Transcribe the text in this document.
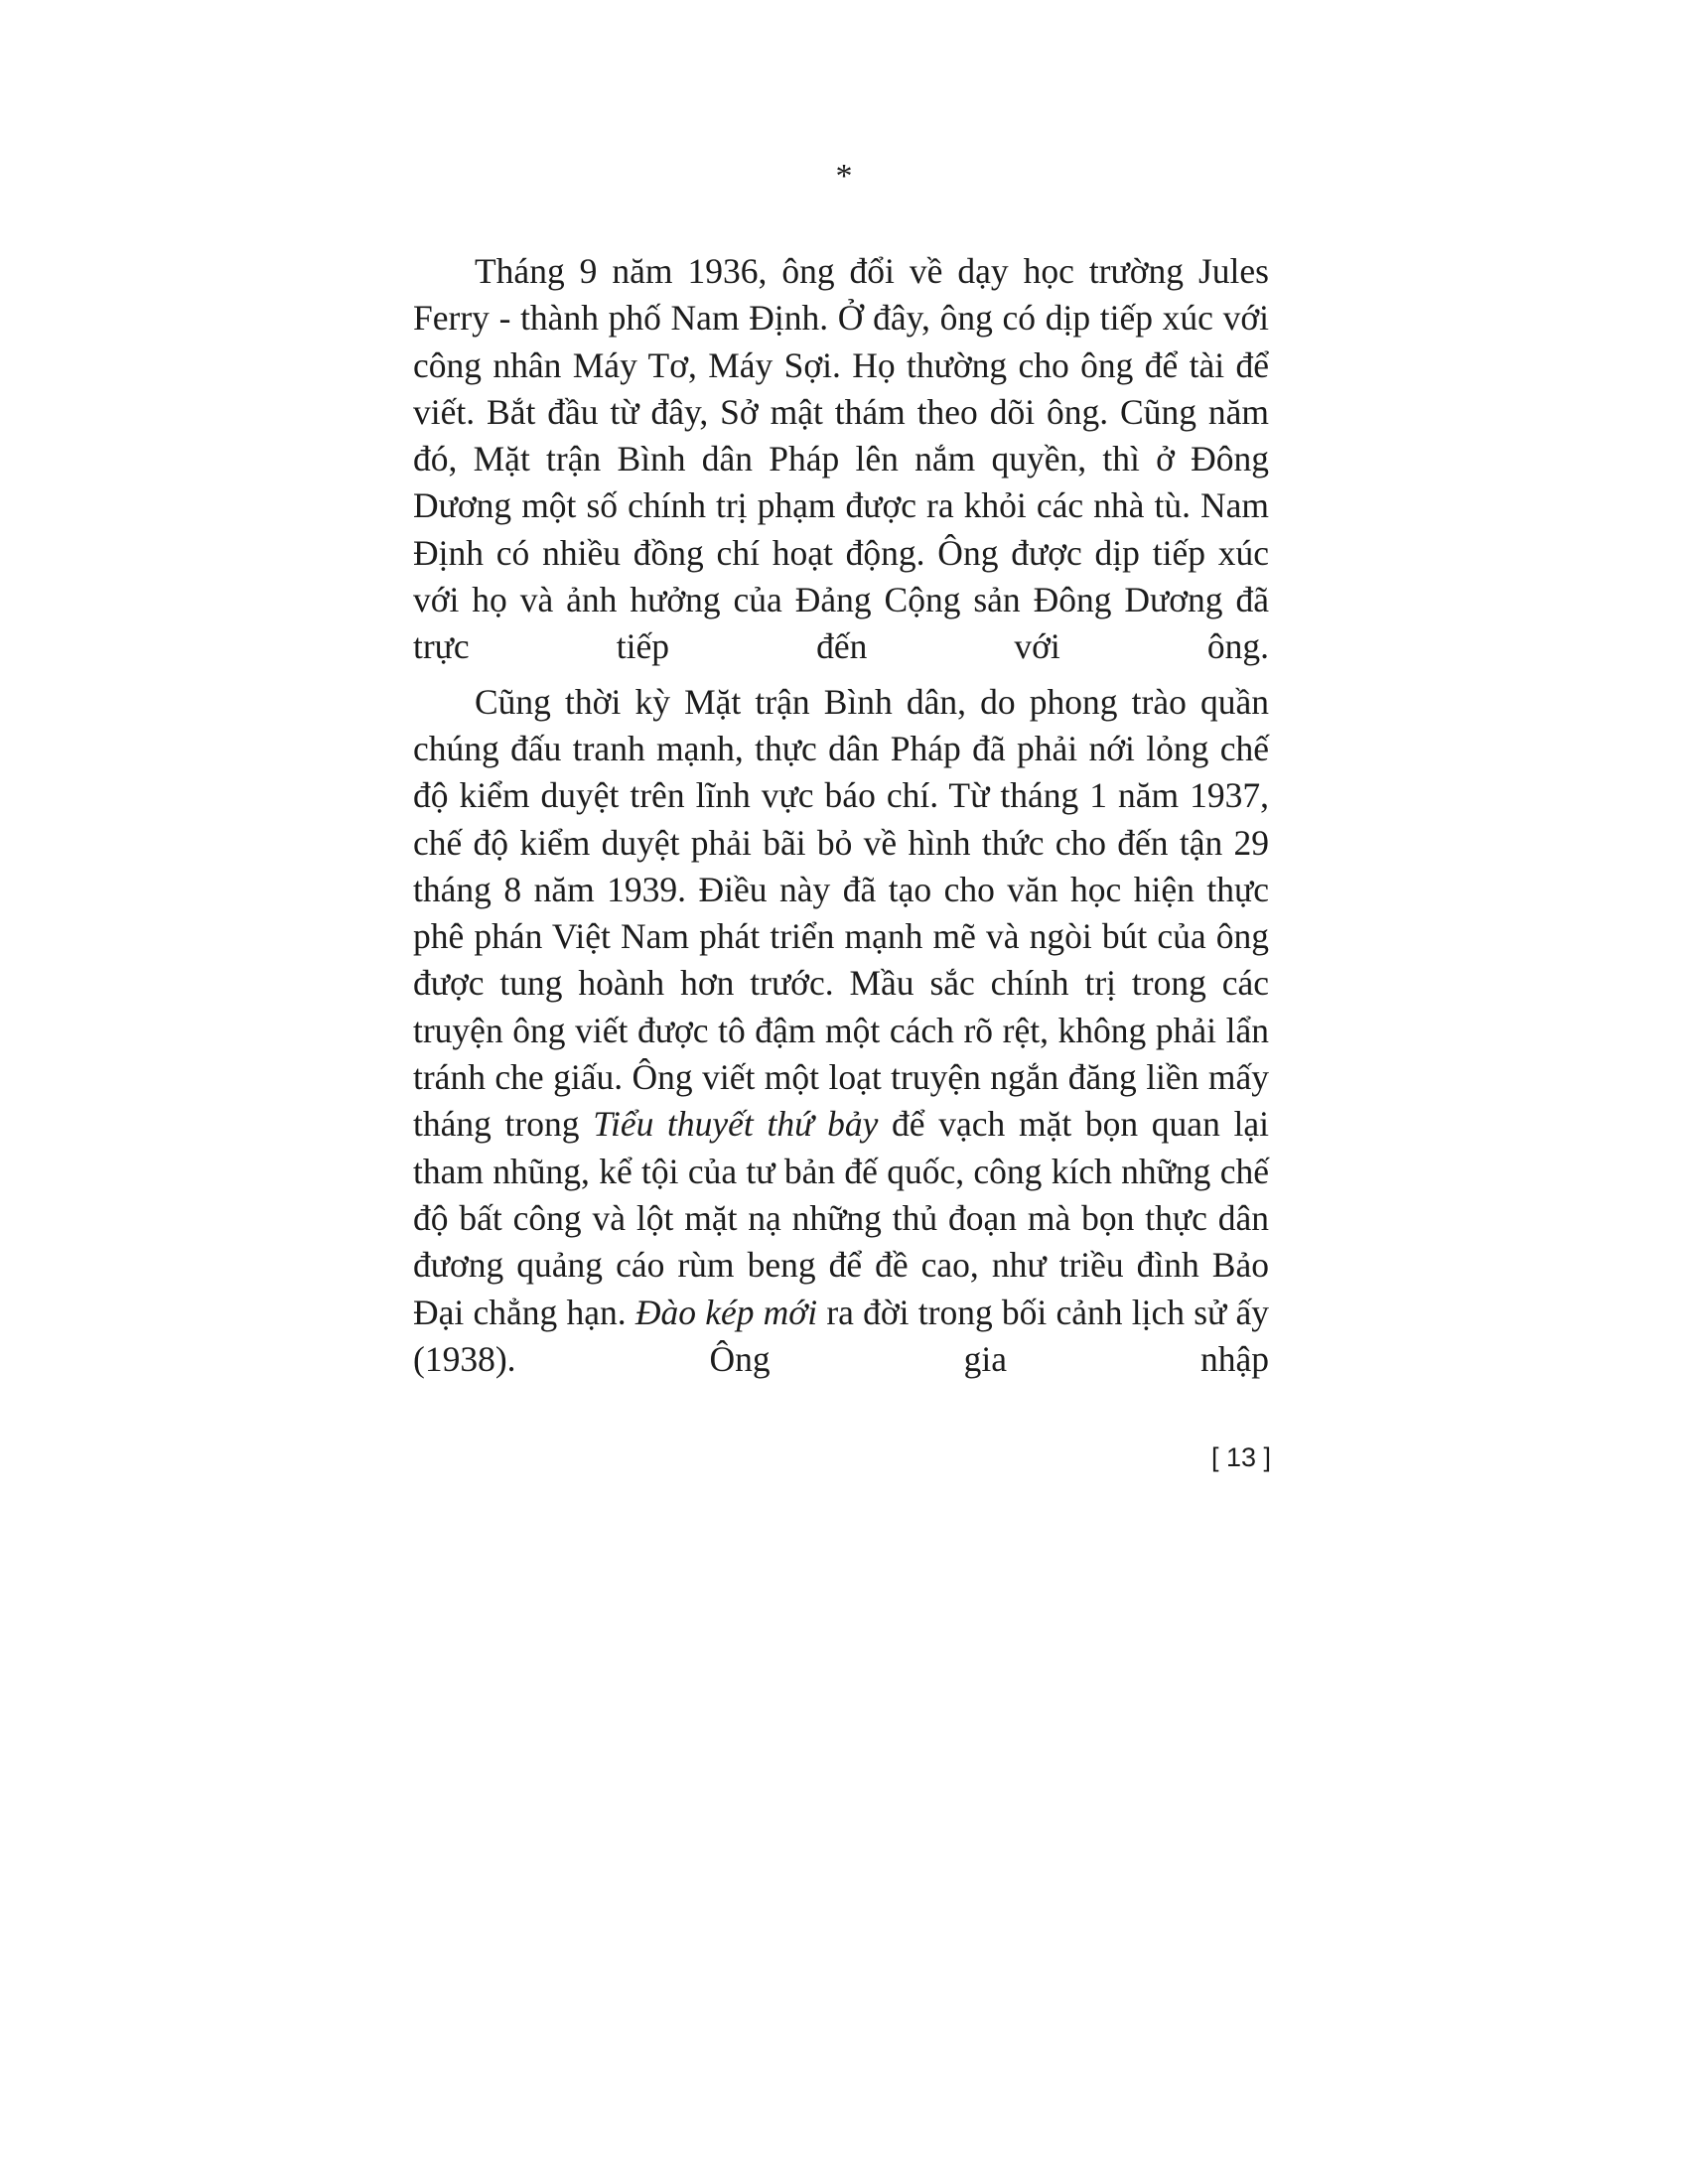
*

Tháng 9 năm 1936, ông đổi về dạy học trường Jules Ferry - thành phố Nam Định. Ở đây, ông có dịp tiếp xúc với công nhân Máy Tơ, Máy Sợi. Họ thường cho ông để tài để viết. Bắt đầu từ đây, Sở mật thám theo dõi ông. Cũng năm đó, Mặt trận Bình dân Pháp lên nắm quyền, thì ở Đông Dương một số chính trị phạm được ra khỏi các nhà tù. Nam Định có nhiều đồng chí hoạt động. Ông được dịp tiếp xúc với họ và ảnh hưởng của Đảng Cộng sản Đông Dương đã trực tiếp đến với ông.

Cũng thời kỳ Mặt trận Bình dân, do phong trào quần chúng đấu tranh mạnh, thực dân Pháp đã phải nới lỏng chế độ kiểm duyệt trên lĩnh vực báo chí. Từ tháng 1 năm 1937, chế độ kiểm duyệt phải bãi bỏ về hình thức cho đến tận 29 tháng 8 năm 1939. Điều này đã tạo cho văn học hiện thực phê phán Việt Nam phát triển mạnh mẽ và ngòi bút của ông được tung hoành hơn trước. Mầu sắc chính trị trong các truyện ông viết được tô đậm một cách rõ rệt, không phải lẩn tránh che giấu. Ông viết một loạt truyện ngắn đăng liền mấy tháng trong Tiểu thuyết thứ bảy để vạch mặt bọn quan lại tham nhũng, kể tội của tư bản đế quốc, công kích những chế độ bất công và lột mặt nạ những thủ đoạn mà bọn thực dân đương quảng cáo rùm beng để đề cao, như triều đình Bảo Đại chẳng hạn. Đào kép mới ra đời trong bối cảnh lịch sử ấy (1938). Ông gia nhập

[ 13 ]
